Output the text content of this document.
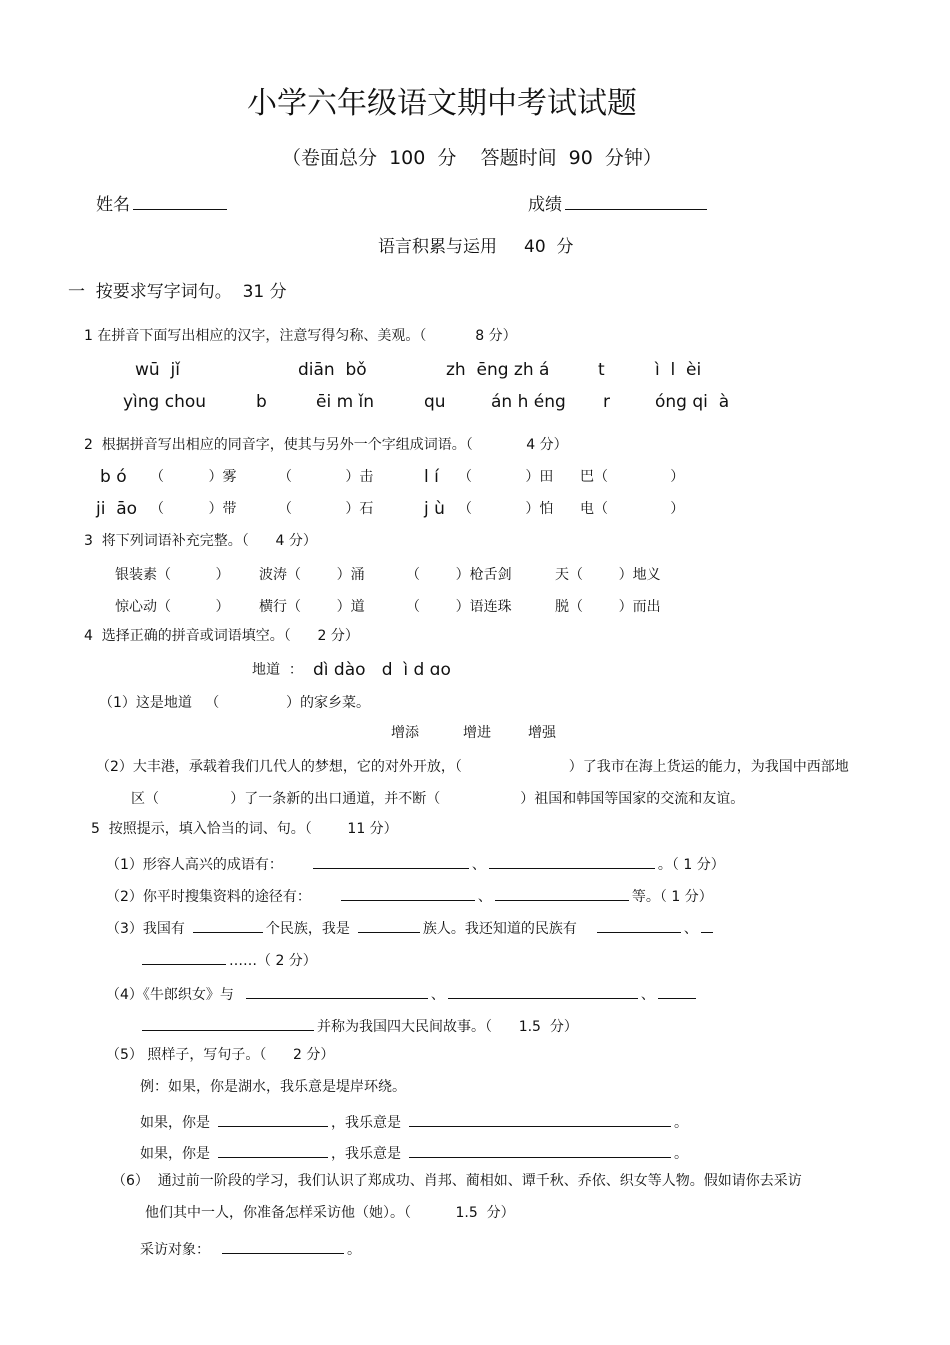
小学六年级语文期中考试试题
（卷面总分  100  分    答题时间  90  分钟）
姓名	成绩
语言积累与运用     40  分
一  按要求写字词句。  31 分
1 在拼音下面写出相应的汉字，注意写得匀称、美观。（           8 分）
wū  jǐ	diān  bǒ	zh  ēng zh á	t	ì  l  èi
yìng chou	b	ēi m ǐn	qu	án h éng r	óng qi  à
2  根据拼音写出相应的同音字，使其与另外一个字组成词语。（            4 分）
b ó （          ）雾	（            ）击	l í （            ）田 巴（              ）
ji  āo （          ）带	（            ）石	j ù （            ）怕 电（              ）
3  将下列词语补充完整。（      4 分）
银装素（          ） 波涛（        ）涌	（        ）枪舌剑	天（        ）地义
惊心动（          ） 横行（        ）道	（        ）语连珠	脱（        ）而出
4  选择正确的拼音或词语填空。（      2 分）
地道  ： dì dào   d  ì d ɑo
（1）这是地道   （               ）的家乡菜。
增添	增进	增强
（2）大丰港，承载着我们几代人的梦想，它的对外开放，（                        ）了我市在海上货运的能力，为我国中西部地
区（                ）了一条新的出口通道，并不断（                  ）祖国和韩国等国家的交流和友谊。
5  按照提示，填入恰当的词、句。（        11 分）
（1）形容人高兴的成语有：	、	。（ 1 分）
（2）你平时搜集资料的途径有：	、	等。（ 1 分）
（3）我国有	个民族，我是	族人。我还知道的民族有	、
……（ 2 分）
（4）《牛郎织女》与	、	、
并称为我国四大民间故事。（      1.5  分）
（5） 照样子，写句子。（      2 分）
例：如果，你是湖水，我乐意是堤岸环绕。
如果，你是	，我乐意是	。
如果，你是	，我乐意是	。
（6）  通过前一阶段的学习，我们认识了郑成功、肖邦、蔺相如、谭千秋、乔依、织女等人物。假如请你去采访
他们其中一人，你准备怎样采访他（她）。（          1.5  分）
采访对象：	。
